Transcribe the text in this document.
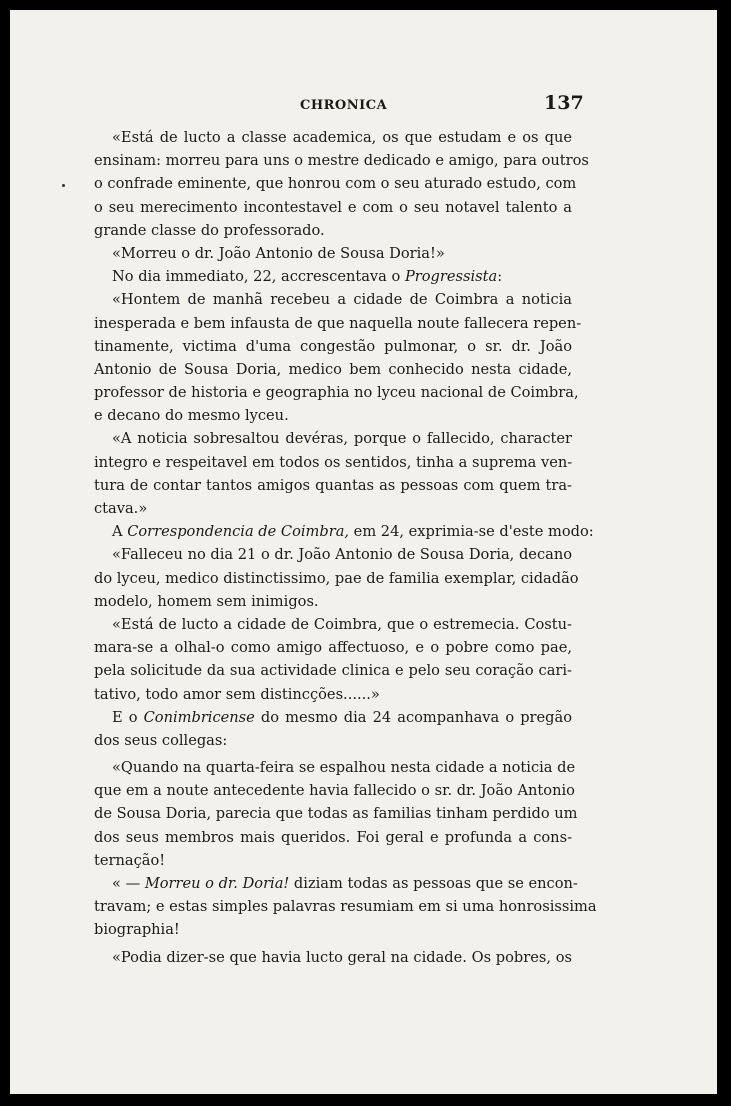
CHRONICA	137
«Está de lucto a classe academica, os que estudam e os que
ensinam: morreu para uns o mestre dedicado e amigo, para outros
o confrade eminente, que honrou com o seu aturado estudo, com
o seu merecimento incontestavel e com o seu notavel talento a
grande classe do professorado.
«Morreu o dr. João Antonio de Sousa Doria!»
No dia immediato, 22, accrescentava o Progressista:
«Hontem de manhã recebeu a cidade de Coimbra a noticia
inesperada e bem infausta de que naquella noute fallecera repen-
tinamente, victima d'uma congestão pulmonar, o sr. dr. João
Antonio de Sousa Doria, medico bem conhecido nesta cidade,
professor de historia e geographia no lyceu nacional de Coimbra,
e decano do mesmo lyceu.
«A noticia sobresaltou devéras, porque o fallecido, character
integro e respeitavel em todos os sentidos, tinha a suprema ven-
tura de contar tantos amigos quantas as pessoas com quem tra-
ctava.»
A Correspondencia de Coimbra, em 24, exprimia-se d'este modo:
«Falleceu no dia 21 o dr. João Antonio de Sousa Doria, decano
do lyceu, medico distinctissimo, pae de familia exemplar, cidadão
modelo, homem sem inimigos.
«Está de lucto a cidade de Coimbra, que o estremecia. Costu-
mara-se a olhal-o como amigo affectuoso, e o pobre como pae,
pela solicitude da sua actividade clinica e pelo seu coração cari-
tativo, todo amor sem distincções......»
E o Conimbricense do mesmo dia 24 acompanhava o pregão
dos seus collegas:
«Quando na quarta-feira se espalhou nesta cidade a noticia de
que em a noute antecedente havia fallecido o sr. dr. João Antonio
de Sousa Doria, parecia que todas as familias tinham perdido um
dos seus membros mais queridos. Foi geral e profunda a cons-
ternação!
« — Morreu o dr. Doria! diziam todas as pessoas que se encon-
travam; e estas simples palavras resumiam em si uma honrosissima
biographia!
«Podia dizer-se que havia lucto geral na cidade. Os pobres, os
